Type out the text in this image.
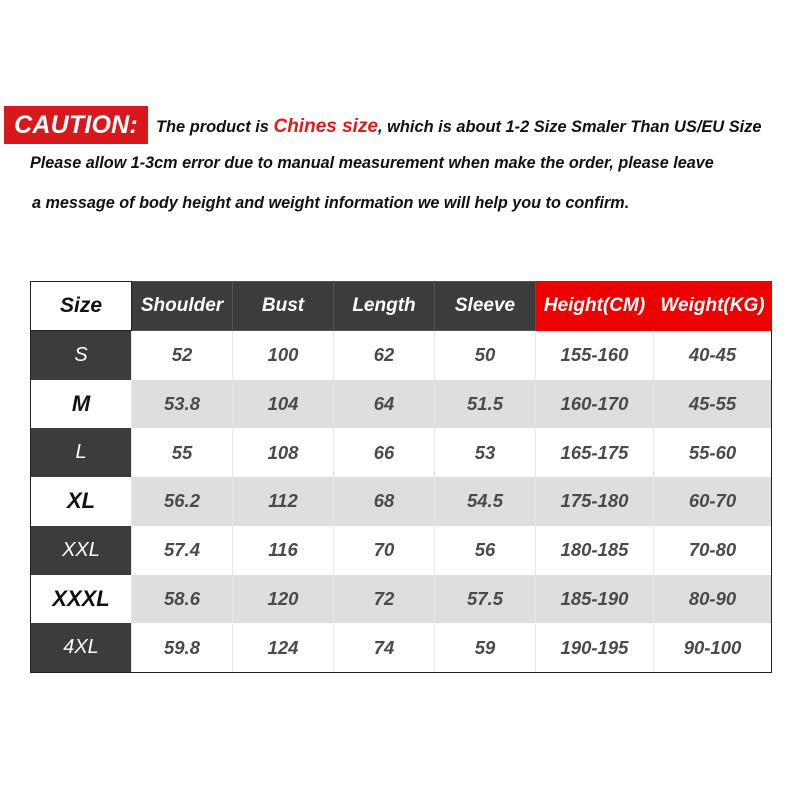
CAUTION:	The product is Chines size, which is about 1-2 Size Smaler Than US/EU Size
Please allow 1-3cm error due to manual measurement when make the order, please leave
a message of body height and weight information we will help you to confirm.
Size	Shoulder	Bust	Length	Sleeve	Height(CM)	Weight(KG)
S	52	100	62	50	155-160	40-45
M	53.8	104	64	51.5	160-170	45-55
L	55	108	66	53	165-175	55-60
XL	56.2	112	68	54.5	175-180	60-70
XXL	57.4	116	70	56	180-185	70-80
XXXL	58.6	120	72	57.5	185-190	80-90
4XL	59.8	124	74	59	190-195	90-100
